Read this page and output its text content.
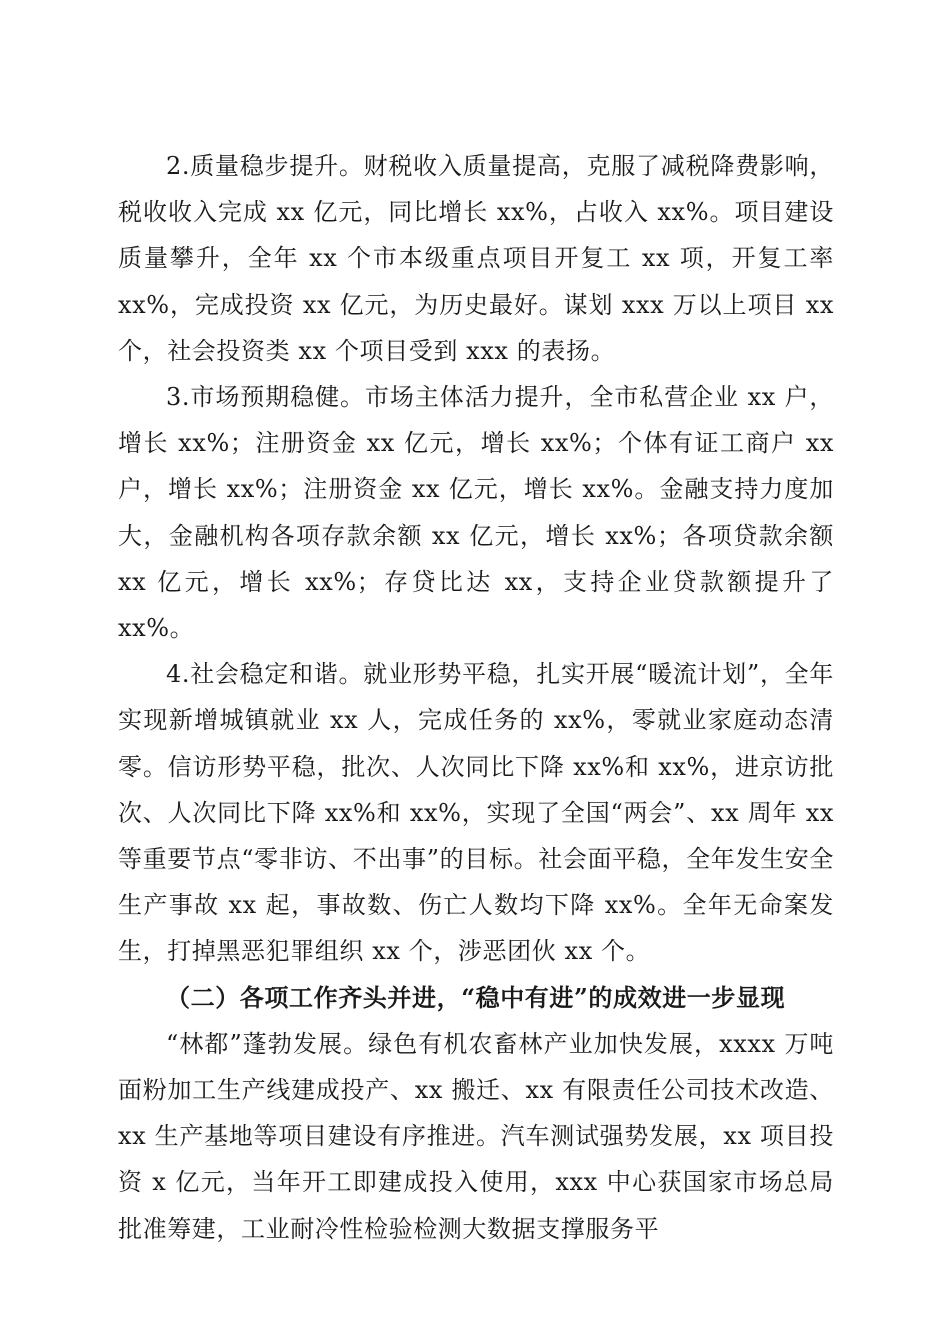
2.质量稳步提升。财税收入质量提高，克服了减税降费影响，税收收入完成 xx 亿元，同比增长 xx%，占收入 xx%。项目建设质量攀升，全年 xx 个市本级重点项目开复工 xx 项，开复工率 xx%，完成投资 xx 亿元，为历史最好。谋划 xxx 万以上项目 xx 个，社会投资类 xx 个项目受到 xxx 的表扬。

3.市场预期稳健。市场主体活力提升，全市私营企业 xx 户，增长 xx%；注册资金 xx 亿元，增长 xx%；个体有证工商户 xx 户，增长 xx%；注册资金 xx 亿元，增长 xx%。金融支持力度加大，金融机构各项存款余额 xx 亿元，增长 xx%；各项贷款余额 xx 亿元，增长 xx%；存贷比达 xx，支持企业贷款额提升了 xx%。

4.社会稳定和谐。就业形势平稳，扎实开展“暖流计划”，全年实现新增城镇就业 xx 人，完成任务的 xx%，零就业家庭动态清零。信访形势平稳，批次、人次同比下降 xx%和 xx%，进京访批次、人次同比下降 xx%和 xx%，实现了全国“两会”、xx 周年 xx 等重要节点“零非访、不出事”的目标。社会面平稳，全年发生安全生产事故 xx 起，事故数、伤亡人数均下降 xx%。全年无命案发生，打掉黑恶犯罪组织 xx 个，涉恶团伙 xx 个。

（二）各项工作齐头并进，“稳中有进”的成效进一步显现

“林都”蓬勃发展。绿色有机农畜林产业加快发展，xxxx 万吨面粉加工生产线建成投产、xx 搬迁、xx 有限责任公司技术改造、xx 生产基地等项目建设有序推进。汽车测试强势发展，xx 项目投资 x 亿元，当年开工即建成投入使用，xxx 中心获国家市场总局批准筹建，工业耐冷性检验检测大数据支撑服务平
